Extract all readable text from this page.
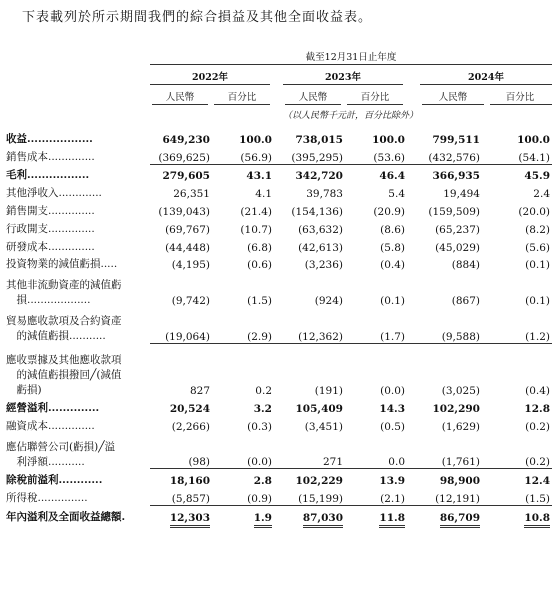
下表載列於所示期間我們的綜合損益及其他全面收益表。
截至12月31日止年度
2022年	2023年	2024年
人民幣	百分比	人民幣	百分比	人民幣	百分比
（以人民幣千元計，百分比除外）
收益..................	649,230	100.0	738,015	100.0	799,511	100.0
銷售成本..............	(369,625)	(56.9)	(395,295)	(53.6)	(432,576)	(54.1)
毛利.................	279,605	43.1	342,720	46.4	366,935	45.9
其他淨收入.............	26,351	4.1	39,783	5.4	19,494	2.4
銷售開支..............	(139,043)	(21.4)	(154,136)	(20.9)	(159,509)	(20.0)
行政開支..............	(69,767)	(10.7)	(63,632)	(8.6)	(65,237)	(8.2)
研發成本..............	(44,448)	(6.8)	(42,613)	(5.8)	(45,029)	(5.6)
投資物業的減值虧損.....	(4,195)	(0.6)	(3,236)	(0.4)	(884)	(0.1)
其他非流動資產的減值虧
　損...................	(9,742)	(1.5)	(924)	(0.1)	(867)	(0.1)
貿易應收款項及合約資產
　的減值虧損...........	(19,064)	(2.9)	(12,362)	(1.7)	(9,588)	(1.2)
應收票據及其他應收款項
　的減值虧損撥回╱(減值
　虧損)	827	0.2	(191)	(0.0)	(3,025)	(0.4)
經營溢利..............	20,524	3.2	105,409	14.3	102,290	12.8
融資成本..............	(2,266)	(0.3)	(3,451)	(0.5)	(1,629)	(0.2)
應佔聯營公司(虧損)╱溢
　利淨額...........	(98)	(0.0)	271	0.0	(1,761)	(0.2)
除稅前溢利............	18,160	2.8	102,229	13.9	98,900	12.4
所得稅...............	(5,857)	(0.9)	(15,199)	(2.1)	(12,191)	(1.5)
年內溢利及全面收益總額.	12,303	1.9	87,030	11.8	86,709	10.8
